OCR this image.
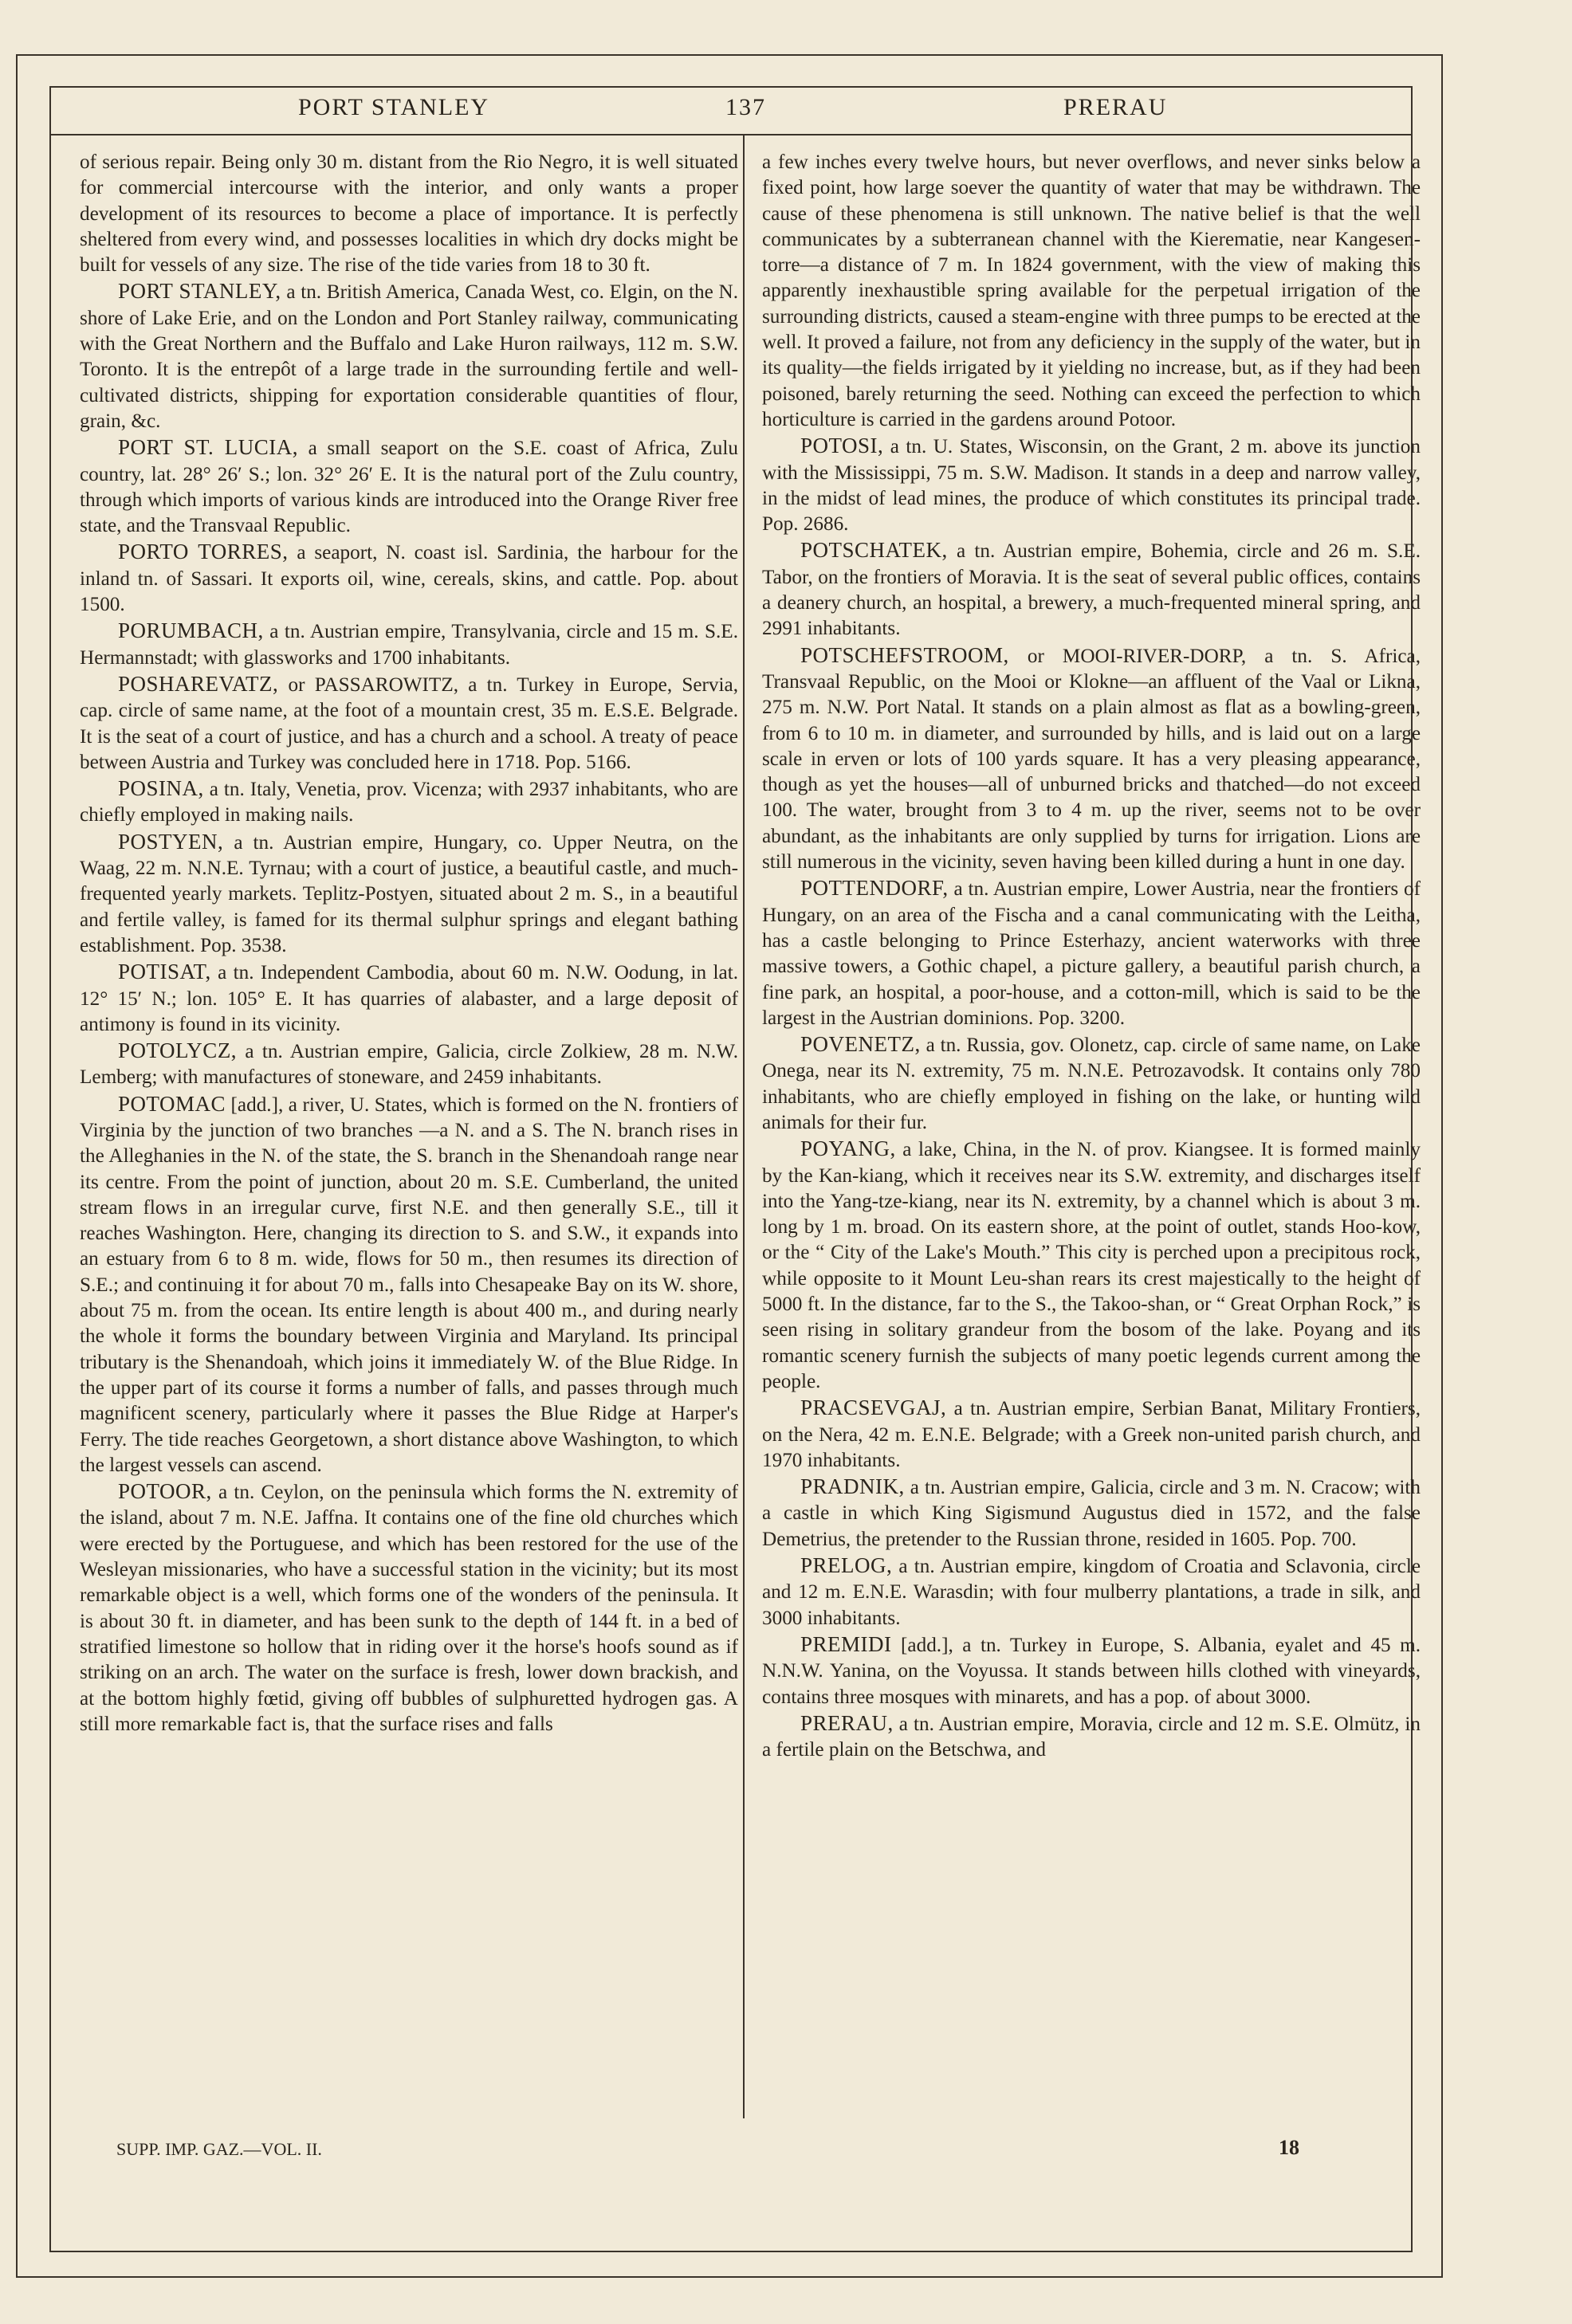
PORT STANLEY	137	PRERAU

of serious repair. Being only 30 m. distant from the Rio Negro, it is well situated for commercial intercourse with the interior, and only wants a proper development of its resources to become a place of importance. It is perfectly sheltered from every wind, and possesses localities in which dry docks might be built for vessels of any size. The rise of the tide varies from 18 to 30 ft.

PORT STANLEY, a tn. British America, Canada West, co. Elgin, on the N. shore of Lake Erie, and on the London and Port Stanley railway, communicating with the Great Northern and the Buffalo and Lake Huron railways, 112 m. S.W. Toronto. It is the entrepôt of a large trade in the surrounding fertile and well-cultivated districts, shipping for exportation considerable quantities of flour, grain, &c.

PORT ST. LUCIA, a small seaport on the S.E. coast of Africa, Zulu country, lat. 28° 26′ S.; lon. 32° 26′ E. It is the natural port of the Zulu country, through which imports of various kinds are introduced into the Orange River free state, and the Transvaal Republic.

PORTO TORRES, a seaport, N. coast isl. Sardinia, the harbour for the inland tn. of Sassari. It exports oil, wine, cereals, skins, and cattle. Pop. about 1500.

PORUMBACH, a tn. Austrian empire, Transylvania, circle and 15 m. S.E. Hermannstadt; with glassworks and 1700 inhabitants.

POSHAREVATZ, or PASSAROWITZ, a tn. Turkey in Europe, Servia, cap. circle of same name, at the foot of a mountain crest, 35 m. E.S.E. Belgrade. It is the seat of a court of justice, and has a church and a school. A treaty of peace between Austria and Turkey was concluded here in 1718. Pop. 5166.

POSINA, a tn. Italy, Venetia, prov. Vicenza; with 2937 inhabitants, who are chiefly employed in making nails.

POSTYEN, a tn. Austrian empire, Hungary, co. Upper Neutra, on the Waag, 22 m. N.N.E. Tyrnau; with a court of justice, a beautiful castle, and much-frequented yearly markets. Teplitz-Postyen, situated about 2 m. S., in a beautiful and fertile valley, is famed for its thermal sulphur springs and elegant bathing establishment. Pop. 3538.

POTISAT, a tn. Independent Cambodia, about 60 m. N.W. Oodung, in lat. 12° 15′ N.; lon. 105° E. It has quarries of alabaster, and a large deposit of antimony is found in its vicinity.

POTOLYCZ, a tn. Austrian empire, Galicia, circle Zolkiew, 28 m. N.W. Lemberg; with manufactures of stoneware, and 2459 inhabitants.

POTOMAC [add.], a river, U. States, which is formed on the N. frontiers of Virginia by the junction of two branches —a N. and a S. The N. branch rises in the Alleghanies in the N. of the state, the S. branch in the Shenandoah range near its centre. From the point of junction, about 20 m. S.E. Cumberland, the united stream flows in an irregular curve, first N.E. and then generally S.E., till it reaches Washington. Here, changing its direction to S. and S.W., it expands into an estuary from 6 to 8 m. wide, flows for 50 m., then resumes its direction of S.E.; and continuing it for about 70 m., falls into Chesapeake Bay on its W. shore, about 75 m. from the ocean. Its entire length is about 400 m., and during nearly the whole it forms the boundary between Virginia and Maryland. Its principal tributary is the Shenandoah, which joins it immediately W. of the Blue Ridge. In the upper part of its course it forms a number of falls, and passes through much magnificent scenery, particularly where it passes the Blue Ridge at Harper's Ferry. The tide reaches Georgetown, a short distance above Washington, to which the largest vessels can ascend.

POTOOR, a tn. Ceylon, on the peninsula which forms the N. extremity of the island, about 7 m. N.E. Jaffna. It contains one of the fine old churches which were erected by the Portuguese, and which has been restored for the use of the Wesleyan missionaries, who have a successful station in the vicinity; but its most remarkable object is a well, which forms one of the wonders of the peninsula. It is about 30 ft. in diameter, and has been sunk to the depth of 144 ft. in a bed of stratified limestone so hollow that in riding over it the horse's hoofs sound as if striking on an arch. The water on the surface is fresh, lower down brackish, and at the bottom highly fœtid, giving off bubbles of sulphuretted hydrogen gas. A still more remarkable fact is, that the surface rises and falls

a few inches every twelve hours, but never overflows, and never sinks below a fixed point, how large soever the quantity of water that may be withdrawn. The cause of these phenomena is still unknown. The native belief is that the well communicates by a subterranean channel with the Kierematie, near Kangesen-torre—a distance of 7 m. In 1824 government, with the view of making this apparently inexhaustible spring available for the perpetual irrigation of the surrounding districts, caused a steam-engine with three pumps to be erected at the well. It proved a failure, not from any deficiency in the supply of the water, but in its quality—the fields irrigated by it yielding no increase, but, as if they had been poisoned, barely returning the seed. Nothing can exceed the perfection to which horticulture is carried in the gardens around Potoor.

POTOSI, a tn. U. States, Wisconsin, on the Grant, 2 m. above its junction with the Mississippi, 75 m. S.W. Madison. It stands in a deep and narrow valley, in the midst of lead mines, the produce of which constitutes its principal trade. Pop. 2686.

POTSCHATEK, a tn. Austrian empire, Bohemia, circle and 26 m. S.E. Tabor, on the frontiers of Moravia. It is the seat of several public offices, contains a deanery church, an hospital, a brewery, a much-frequented mineral spring, and 2991 inhabitants.

POTSCHEFSTROOM, or MOOI-RIVER-DORP, a tn. S. Africa, Transvaal Republic, on the Mooi or Klokne—an affluent of the Vaal or Likna, 275 m. N.W. Port Natal. It stands on a plain almost as flat as a bowling-green, from 6 to 10 m. in diameter, and surrounded by hills, and is laid out on a large scale in erven or lots of 100 yards square. It has a very pleasing appearance, though as yet the houses—all of unburned bricks and thatched—do not exceed 100. The water, brought from 3 to 4 m. up the river, seems not to be over abundant, as the inhabitants are only supplied by turns for irrigation. Lions are still numerous in the vicinity, seven having been killed during a hunt in one day.

POTTENDORF, a tn. Austrian empire, Lower Austria, near the frontiers of Hungary, on an area of the Fischa and a canal communicating with the Leitha, has a castle belonging to Prince Esterhazy, ancient waterworks with three massive towers, a Gothic chapel, a picture gallery, a beautiful parish church, a fine park, an hospital, a poor-house, and a cotton-mill, which is said to be the largest in the Austrian dominions. Pop. 3200.

POVENETZ, a tn. Russia, gov. Olonetz, cap. circle of same name, on Lake Onega, near its N. extremity, 75 m. N.N.E. Petrozavodsk. It contains only 780 inhabitants, who are chiefly employed in fishing on the lake, or hunting wild animals for their fur.

POYANG, a lake, China, in the N. of prov. Kiangsee. It is formed mainly by the Kan-kiang, which it receives near its S.W. extremity, and discharges itself into the Yang-tze-kiang, near its N. extremity, by a channel which is about 3 m. long by 1 m. broad. On its eastern shore, at the point of outlet, stands Hoo-kow, or the “ City of the Lake's Mouth.” This city is perched upon a precipitous rock, while opposite to it Mount Leu-shan rears its crest majestically to the height of 5000 ft. In the distance, far to the S., the Takoo-shan, or “ Great Orphan Rock,” is seen rising in solitary grandeur from the bosom of the lake. Poyang and its romantic scenery furnish the subjects of many poetic legends current among the people.

PRACSEVGAJ, a tn. Austrian empire, Serbian Banat, Military Frontiers, on the Nera, 42 m. E.N.E. Belgrade; with a Greek non-united parish church, and 1970 inhabitants.

PRADNIK, a tn. Austrian empire, Galicia, circle and 3 m. N. Cracow; with a castle in which King Sigismund Augustus died in 1572, and the false Demetrius, the pretender to the Russian throne, resided in 1605. Pop. 700.

PRELOG, a tn. Austrian empire, kingdom of Croatia and Sclavonia, circle and 12 m. E.N.E. Warasdin; with four mulberry plantations, a trade in silk, and 3000 inhabitants.

PREMIDI [add.], a tn. Turkey in Europe, S. Albania, eyalet and 45 m. N.N.W. Yanina, on the Voyussa. It stands between hills clothed with vineyards, contains three mosques with minarets, and has a pop. of about 3000.

PRERAU, a tn. Austrian empire, Moravia, circle and 12 m. S.E. Olmütz, in a fertile plain on the Betschwa, and

SUPP. IMP. GAZ.—VOL. II.	18
